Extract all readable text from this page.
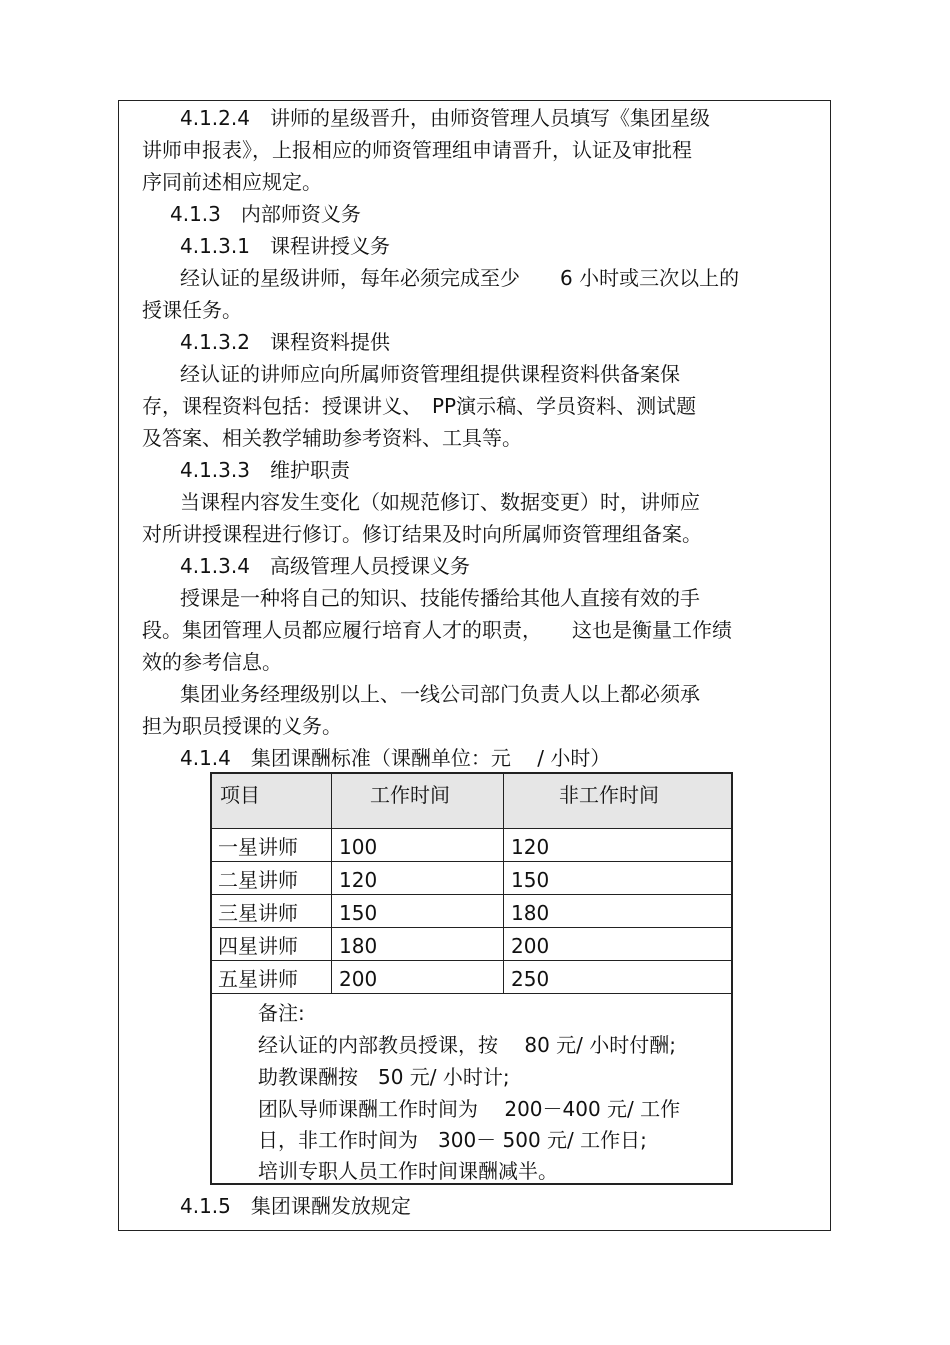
4.1.2.4　讲师的星级晋升，由师资管理人员填写《集团星级
讲师申报表》，上报相应的师资管理组申请晋升，认证及审批程
序同前述相应规定。
4.1.3　内部师资义务
4.1.3.1　课程讲授义务
经认证的星级讲师，每年必须完成至少　　6 小时或三次以上的
授课任务。
4.1.3.2　课程资料提供
经认证的讲师应向所属师资管理组提供课程资料供备案保
存，课程资料包括：授课讲义、　PP演示稿、学员资料、测试题
及答案、相关教学辅助参考资料、工具等。
4.1.3.3　维护职责
当课程内容发生变化（如规范修订、数据变更）时，讲师应
对所讲授课程进行修订。修订结果及时向所属师资管理组备案。
4.1.3.4　高级管理人员授课义务
授课是一种将自己的知识、技能传播给其他人直接有效的手
段。集团管理人员都应履行培育人才的职责，　　这也是衡量工作绩
效的参考信息。
集团业务经理级别以上、一线公司部门负责人以上都必须承
担为职员授课的义务。
4.1.4　集团课酬标准（课酬单位：元　 / 小时）
项目	工作时间	非工作时间
一星讲师 100	120
二星讲师 120	150
三星讲师 150	180
四星讲师 180	200
五星讲师 200	250
备注:
经认证的内部教员授课，按　 80 元/ 小时付酬;
助教课酬按　50 元/ 小时计;
团队导师课酬工作时间为　 200－400 元/ 工作
日，非工作时间为　300－ 500 元/ 工作日;
培训专职人员工作时间课酬减半。
4.1.5　集团课酬发放规定
